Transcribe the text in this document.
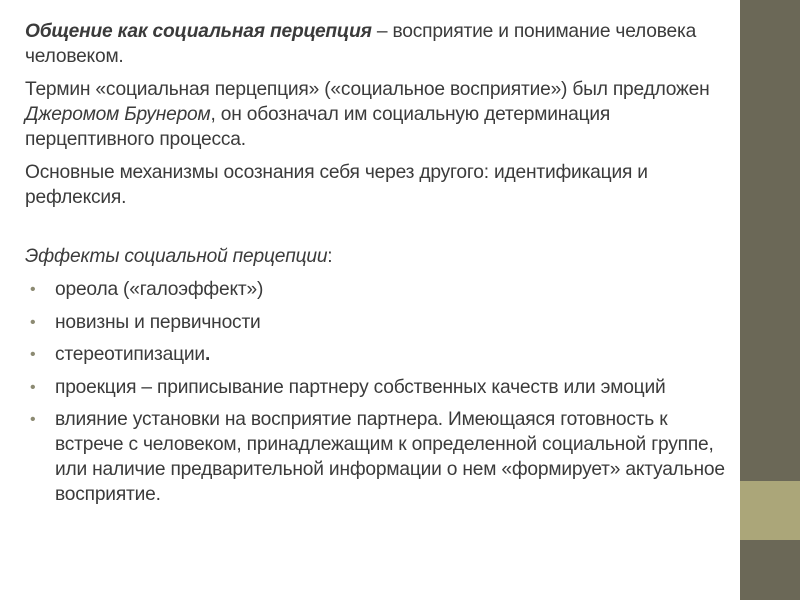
Общение как социальная перцепция – восприятие и понимание человека человеком.

Термин «социальная перцепция» («социальное восприятие») был предложен Джеромом Брунером, он обозначал им социальную детерминация перцептивного процесса.

Основные механизмы осознания себя через другого: идентификация и рефлексия.

Эффекты социальной перцепции:

• ореола («галоэффект»)
• новизны и первичности
• стереотипизации.
• проекция – приписывание партнеру собственных качеств или эмоций
• влияние установки на восприятие партнера. Имеющаяся готовность к встрече с человеком, принадлежащим к определенной социальной группе, или наличие предварительной информации о нем «формирует» актуальное восприятие.
